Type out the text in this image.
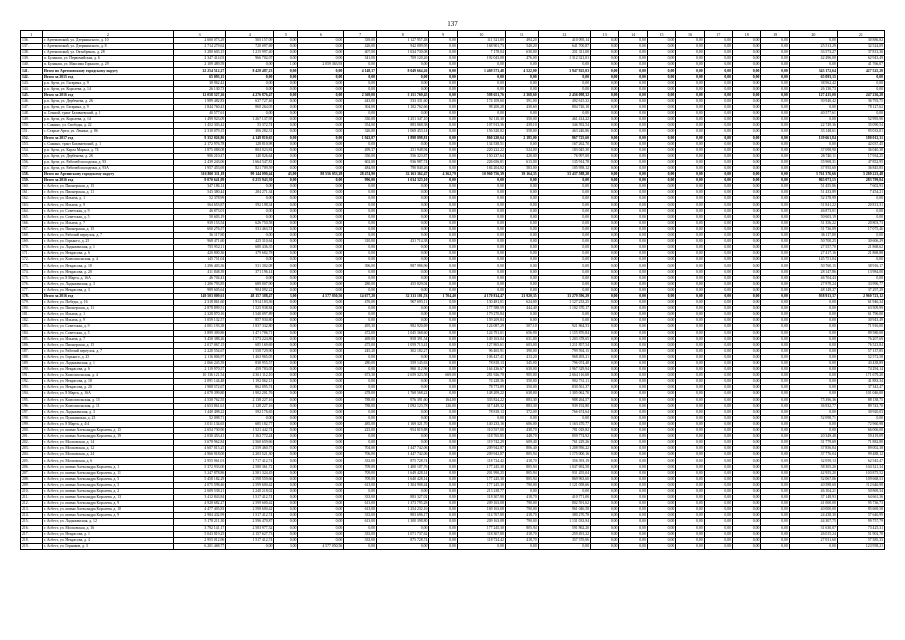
137
1	2	3	4	5	6	7	8	9	10	11	12	13	14	15	16	17	18	19	20	21
136.	г. Артемовский, ул. Дзержинского, д. 10	2 600 073,29	565 157,09	0,00	0,00	339,00	1 127 957,48	0,00	111 521,80	494,20	410 095,14	0,00	0,00	0,00	0,00	0,00	0,00	0,00	0,00	30 886,82
137.	г. Артемовский, ул. Дзержинского, д. 8	2 714 279,62	720 097,69	0,00	0,00	426,00	942 009,95	0,00	168 901,73	540,20	641 700,87	0,00	0,00	0,00	0,00	0,00	0,00	0,00	25 513,29	32 524,09
138.	г. Артемовский, ул. Октябренок, д. 28	3 280 603,15	1 215 997,40	0,00	0,00	407,00	1 634 730,08	0,00	7 178,04	630,00	251 311,00	0,00	0,00	0,00	0,00	0,00	0,00	0,00	33 573,27	37 813,36
139.	п. Буланаш, ул. Первомайская, д. 6	2 347 414,03	966 702,07	0,00	0,00	341,00	709 120,26	0,00	192 043,08	476,00	1 312 321,01	0,00	0,00	0,00	0,00	0,00	0,00	0,00	42 496,00	62 943,49
140.	п. Буланаш, ул. Максима Горького, д. 29	2 109 489,59	0,00	1,00	2 059 363,93	0,00	0,00	0,00	0,00	0,00	0,00	0,00	0,00	0,00	0,00	0,00	0,00	0,00	0,00	41 766,07
141.	Итого по Артемовскому городскому округу	22 254 512,27	8 428 487,23	0,00	0,00	4 148,37	8 049 664,26	0,00	1 469 573,48	4 522,00	3 947 925,03	0,00	0,00	0,00	0,00	0,00	0,00	0,00	343 172,64	427 525,28
142.	Итого за 2015 год	65 093,15	0,00	0,00	0,00	0,00	0,00	0,00	0,00	0,00	0,00	0,00	0,00	0,00	0,00	0,00	0,00	0,00	65 093,15	0,00
143.	р.п. Арти, ул. Гагарина, д. 9	38 962,42	0,00	0,00	0,00	0,00	0,00	0,00	0,00	0,00	0,00	0,00	0,00	0,00	0,00	0,00	0,00	0,00	38 962,42	0,00
144.	р.п. Арти, ул. Королева, д. 14	26 130,73	0,00	0,00	0,00	0,00	0,00	0,00	0,00	0,00	0,00	0,00	0,00	0,00	0,00	0,00	0,00	0,00	26 130,73	0,00
145.	Итого за 2016 год	12 058 527,26	4 276 876,47	0,00	0,00	2 369,00	3 151 769,45	0,00	598 651,76	2 368,60	2 456 098,32	0,00	0,00	0,00	0,00	0,00	0,00	0,00	127 415,00	247 236,28
146.	р.п. Арти, ул. Дербенева, д. 26	1 989 482,83	637 727,46	0,00	0,00	443,00	533 331,60	0,00	174 109,60	391,00	492 615,32	0,00	0,00	0,00	0,00	0,00	0,00	0,00	30 940,42	36 793,75
147.	р.п. Арти, ул. Гагарина, д. 9	1 844 760,43	860 264,05	0,00	0,00	304,00	1 102 762,66	0,00	98 200,28	430,60	804 726,18	0,00	0,00	0,00	0,00	0,00	0,00	0,00	0,00	78 127,62
148.	п. Сенной, тракт Базаваевский, д. 1	40 577,61	0,00	0,00	0,00	0,00	0,00	0,00	0,00	0,00	0,00	0,00	0,00	0,00	0,00	0,00	0,00	0,00	40 577,61	0,00
149.	р.п. Арти, ул. Королева, д. 14	1 499 923,09	1 267 137,95	0,00	0,00	330,00	1 251 347,10	0,00	92 110,30	350,00	461 414,22	0,00	0,00	0,00	0,00	0,00	0,00	0,00	0,00	52 995,90
150.	с. Сажино, ул. Свободы, д. 22	1 452 303,42	53 372,74	0,00	0,00	354,00	883 868,38	0,00	107 913,36	439,10	346 592,54	0,00	0,00	0,00	0,00	0,00	0,00	0,00	22 749,36	35 090,54
151.	с. Старые Арти, ул. Ленина, д. 86	2 310 079,15	306 282,31	0,00	0,00	326,00	1 069 453,14	0,00	156 320,82	358,00	463 246,86	0,00	0,00	0,00	0,00	0,00	0,00	0,00	33 148,61	95 033,01
152.	Итого за 2017 год	9 352 026,86	4 149 810,65	0,00	0,00	1 943,87	1 898 098,81	0,00	860 220,64	2 185,00	867 725,60	0,00	0,00	0,00	0,00	0,00	0,00	0,00	139 661,84	180 012,31
153.	с. Сажино, тракт Базаваевский, д. 1	2 172 976,78	128 810,98	0,00	0,00	0,00	0,00	0,00	134 538,51	0,00	167 262,70	0,00	0,00	0,00	0,00	0,00	0,00	0,00	0,00	42 037,45
154.	р.п. Арти, ул. Карла Маркса, д. 74	1 875 088,08	804 023,84	0,00	0,00	499,37	251 948,94	0,00	220 222,22	524,00	183 045,30	0,00	0,00	0,00	0,00	0,00	0,00	0,00	37 098,90	36 040,38
155.	р.п. Арти, ул. Дербенева, д. 26	906 210,47	140 826,64	0,00	0,00	350,00	556 323,87	0,00	150 237,64	420,00	76 997,00	0,00	0,00	0,00	0,00	0,00	0,00	0,00	26 740,11	17 934,25
156.	р.п. Арти, ул. Рабочей молодежи, д. 93	2 439 243,06	1 664 547,81	0,00	0,00	602,00	936 987,74	0,00	226 656,81	613,00	135 914,78	0,00	0,00	0,00	0,00	0,00	0,00	0,00	35 969,31	47 852,95
157.	р.п. Арти, ул. Рабочей молодежи, д. 93А	1 957 453,69	821 709,59	0,00	0,00	484,00	790 840,26	0,00	184 204,82	583,00	105 958,12	0,00	0,00	0,00	0,00	0,00	0,00	0,00	37 955,60	36 845,85
158.	Итого по Артинскому городскому округу	316 860 311,18	99 144 090,44	43,00	88 556 053,28	28 474,90	32 163 362,47	4 362,79	10 960 756,39	39 164,35	53 437 588,20	0,00	0,00	0,00	0,00	0,00	0,00	0,00	3 761 376,66	5 280 223,48
159.	Итого за 2016 год	9 070 641,09	6 215 943,30	0,00	0,00	996,00	1 634 323,10	0,00	0,00	0,00	0,00	0,00	0,00	0,00	0,00	0,00	0,00	0,00	865 073,15	283 799,84
160.	г. Асбест, ул. Пионерская, д. 15	347 186,14	0,00	0,00	0,00	0,00	0,00	0,00	0,00	0,00	0,00	0,00	0,00	0,00	0,00	0,00	0,00	0,00	51 455,86	7 602,93
161.	г. Асбест, ул. Пионерская, д. 11	543 380,44	284 271,34	0,00	0,00	0,00	0,00	0,00	0,00	0,00	0,00	0,00	0,00	0,00	0,00	0,00	0,00	0,00	51 433,89	7 454,21
162.	г. Асбест, ул. Ильича, д. 1	52 378,99	0,00	0,00	0,00	0,00	0,00	0,00	0,00	0,00	0,00	0,00	0,00	0,00	0,00	0,00	0,00	0,00	52 378,99	0,00
163.	г. Асбест, ул. Ильича, д. 9	564 653,87	592 198,34	0,00	0,00	0,00	0,00	0,00	0,00	0,00	0,00	0,00	0,00	0,00	0,00	0,00	0,00	0,00	51 841,22	20 813,31
164.	г. Асбест, ул. Советская, д. 9	46 873,01	0,00	0,00	0,00	0,00	0,00	0,00	0,00	0,00	0,00	0,00	0,00	0,00	0,00	0,00	0,00	0,00	46 873,01	0,00
165.	г. Асбест, ул. Советская, д. 5	50 603,19	0,00	0,00	0,00	0,00	0,00	0,00	0,00	0,00	0,00	0,00	0,00	0,00	0,00	0,00	0,00	0,00	50 603,19	0,00
166.	г. Асбест, ул. Ильича, д. 7	939 153,54	626 750,58	0,00	0,00	0,00	0,00	0,00	0,00	0,00	0,00	0,00	0,00	0,00	0,00	0,00	0,00	0,00	51 356,22	20 803,73
167.	г. Асбест, ул. Пионерская, д. 15	600 276,57	531 463,74	0,00	0,00	0,00	0,00	0,00	0,00	0,00	0,00	0,00	0,00	0,00	0,00	0,00	0,00	0,00	51 736,09	17 075,46
168.	г. Асбест, ул. Рабочий переулок, д. 7	36 117,80	0,00	0,00	0,00	0,00	0,00	0,00	0,00	0,00	0,00	0,00	0,00	0,00	0,00	0,00	0,00	0,00	36 117,80	0,00
169.	г. Асбест, ул. Горького, д. 25	968 471,60	425 310,64	0,00	0,00	310,00	431 714,38	0,00	0,00	0,00	0,00	0,00	0,00	0,00	0,00	0,00	0,00	0,00	50 700,25	30 606,29
170.	г. Асбест, ул. Ладыженская, д. 1	755 952,11	680 436,35	0,00	0,00	0,00	0,00	0,00	0,00	0,00	0,00	0,00	0,00	0,00	0,00	0,00	0,00	0,00	27 557,70	21 868,62
171.	г. Асбест, ул. Некрасова, д. 6	420 800,36	379 682,78	0,00	0,00	0,00	0,00	0,00	0,00	0,00	0,00	0,00	0,00	0,00	0,00	0,00	0,00	0,00	27 417,16	21 868,88
172.	г. Асбест, ул. Комсомольская, д. 4	145 751,04	0,00	0,00	0,00	0,00	0,00	0,00	0,00	0,00	0,00	0,00	0,00	0,00	0,00	0,00	0,00	0,00	145 751,04	0,00
173.	г. Асбест, ул. Некрасова, д. 18	1 296 403,36	531 302,08	0,00	0,00	396,00	887 986,96	0,00	0,00	0,00	0,00	0,00	0,00	0,00	0,00	0,00	0,00	0,00	50 760,15	38 916,17
174.	г. Асбест, ул. Некрасова, д. 20	411 848,39	371 196,14	0,00	0,00	0,00	0,00	0,00	0,00	0,00	0,00	0,00	0,00	0,00	0,00	0,00	0,00	0,00	28 147,86	13 984,00
175.	г. Асбест, ул. 8 Марта, д. 16А	46 704,43	0,00	0,00	0,00	0,00	0,00	0,00	0,00	0,00	0,00	0,00	0,00	0,00	0,00	0,00	0,00	0,00	46 704,43	0,00
176.	г. Асбест, ул. Ладыженская, д. 3	1 206 793,85	689 007,90	0,00	0,00	280,00	455 829,04	0,00	0,00	0,00	0,00	0,00	0,00	0,00	0,00	0,00	0,00	0,00	27 978,24	33 996,77
177.	г. Асбест, ул. Некрасова, д. 3	989 605,64	904 092,22	0,00	0,00	0,00	0,00	0,00	0,00	0,00	0,00	0,00	0,00	0,00	0,00	0,00	0,00	0,00	48 149,37	37 297,29
178.	Итого за 2016 год	149 503 809,61	48 157 388,47	3,00	4 577 050,56	14 677,20	32 313 101,53	1 704,40	4 170 814,47	21 920,35	33 279 596,29	0,00	0,00	0,00	0,00	0,00	0,00	0,00	958 913,37	2 960 723,12
179.	г. Асбест, ул. Победы, д. 16	2 318 861,60	1 914 183,36	0,00	0,00	476,00	967 695,11	0,00	130 481,01	624,00	1 127 233,25	0,00	0,00	0,00	0,00	0,00	0,00	0,00	0,00	61 946,34
180.	г. Асбест, ул. Пионерская, д. 11	2 878 899,51	1 525 938,84	0,00	0,00	0,00	0,00	0,00	177 588,59	444,40	1 102 370,17	0,00	0,00	0,00	0,00	0,00	0,00	0,00	0,00	63 509,99
181.	г. Асбест, ул. Ильича, д. 1	2 328 870,16	1 540 097,89	0,00	0,00	0,00	0,00	0,00	179 270,84	0,00	0,00	0,00	0,00	0,00	0,00	0,00	0,00	0,00	0,00	61 796,00
182.	г. Асбест, ул. Ильича, д. 9	1 059 132,57	857 930,80	0,00	0,00	0,00	0,00	0,00	159 209,84	0,00	0,00	0,00	0,00	0,00	0,00	0,00	0,00	0,00	0,00	30 943,49
183.	г. Асбест, ул. Советская, д. 9	4 001 193,38	1 837 332,80	0,00	0,00	495,30	982 920,69	0,00	124 087,29	507,10	921 864,53	0,00	0,00	0,00	0,00	0,00	0,00	0,00	0,00	71 916,00
184.	г. Асбест, ул. Советская, д. 5	3 899 309,86	1 471 786,71	0,00	0,00	472,00	1 045 368,60	0,00	124 791,01	656,90	1 155 870,84	0,00	0,00	0,00	0,00	0,00	0,00	0,00	0,00	89 580,00
185.	г. Асбест, ул. Ильича, д. 7	3 458 388,26	1 573 224,86	0,00	0,00	469,00	858 391,54	0,00	149 163,04	631,00	1 203 378,65	0,00	0,00	0,00	0,00	0,00	0,00	0,00	0,00	76 207,69
186.	г. Асбест, ул. Пионерская, д. 15	2 017 067,15	685 169,69	0,00	0,00	475,00	1 059 713,41	0,00	127 865,61	603,00	1 211 857,54	0,00	0,00	0,00	0,00	0,00	0,00	0,00	0,00	76 523,84
187.	г. Асбест, ул. Рабочий переулок, д. 7	2 220 554,67	1 558 729,90	0,00	0,00	245,20	302 182,27	0,00	96 465,91	390,00	799 594,15	0,00	0,00	0,00	0,00	0,00	0,00	0,00	0,00	57 137,85
188.	г. Асбест, ул. Горького, д. 25	2 116 806,97	1 463 965,05	0,00	0,00	0,00	0,00	0,00	106 427,41	413,20	968 493,21	0,00	0,00	0,00	0,00	0,00	0,00	0,00	0,00	52 572,58
189.	г. Асбест, ул. Ладыженская, д. 1	2 066 245,39	838 955,57	0,00	0,00	280,00	559 145,63	0,00	78 818,13	345,00	796 074,48	0,00	0,00	0,00	0,00	0,00	0,00	0,00	0,00	43 438,89
190.	г. Асбест, ул. Некрасова, д. 6	2 119 970,57	459 783,05	0,00	0,00	0,00	860 112,96	0,00	164 436,67	630,00	1 967 329,94	0,00	0,00	0,00	0,00	0,00	0,00	0,00	0,00	74 294,14
191.	г. Асбест, ул. Комсомольская, д. 4	10 136 121,54	4 361 112,10	0,00	0,00	673,30	2 659 323,58	669,00	281 926,78	905,00	2 664 116,68	0,00	0,00	0,00	0,00	0,00	0,00	0,00	0,00	171 679,20
192.	г. Асбест, ул. Некрасова, д. 18	2 091 144,48	1 192 062,13	0,00	0,00	0,00	0,00	0,00	74 228,36	350,00	902 731,11	0,00	0,00	0,00	0,00	0,00	0,00	0,00	0,00	41 883,34
193.	г. Асбест, ул. Некрасова, д. 20	1 988 572,67	862 095,74	0,00	0,00	0,00	0,00	0,00	78 773,89	350,00	830 561,37	0,00	0,00	0,00	0,00	0,00	0,00	0,00	0,00	37 343,47
194.	г. Асбест, ул. 8 Марта, д. 16А	4 078 399,80	1 902 201,76	0,00	0,00	478,00	1 768 568,22	0,00	148 209,22	638,00	1 305 062,70	0,00	0,00	0,00	0,00	0,00	0,00	0,00	0,00	101 046,00
195.	г. Асбест, ул. Комсомольская, д. 15	4 530 762,55	2 138 227,16	0,00	0,00	788,00	976 391,60	164,00	333 824,22	883,30	988 264,57	0,00	0,00	0,00	0,00	0,00	0,00	0,00	75 396,36	88 138,75
196.	г. Асбест, ул. Комсомольская, д. 11	4 653 861,61	2 128 227,16	0,00	0,00	788,00	1 092 123,78	126,00	317 449,32	883,30	939 192,80	0,00	0,00	0,00	0,00	0,00	0,00	0,00	36 932,77	89 743,70
197.	г. Асбест, ул. Ладыженская, д. 3	1 440 498,22	592 176,65	0,00	0,00	0,00	0,00	0,00	78 818,13	372,00	766 674,64	0,00	0,00	0,00	0,00	0,00	0,00	0,00	0,00	30 920,03
198.	г. Асбест, ул. Пушкинская, д. 23	52 098,71	0,00	0,00	0,00	0,00	0,00	0,00	0,00	0,00	0,00	0,00	0,00	0,00	0,00	0,00	0,00	0,00	52 098,71	0,00
199.	г. Асбест, ул. 8 Марта, д. 4/4	3 011 134,65	685 182,77	0,00	0,00	485,00	1 169 321,70	0,00	140 233,16	606,00	1 163 470,77	0,00	0,00	0,00	0,00	0,00	0,00	0,00	0,00	72 960,98
200.	г. Асбест, ул. имени Александра Королева, д. 15	2 654 730,90	1 521 442,74	0,00	0,00	223,00	954 819,88	0,00	110 557,00	438,70	781 018,82	0,00	0,00	0,00	0,00	0,00	0,00	0,00	0,00	66 006,00
201.	г. Асбест, ул. имени Александра Королева, д. 19	2 030 453,41	1 163 772,44	0,00	0,00	0,00	0,00	0,00	118 765,85	448,70	859 774,92	0,00	0,00	0,00	0,00	0,00	0,00	0,00	20 349,48	59 419,09
202.	г. Асбест, ул. Московская, д. 14	3 678 962,84	2 560 659,66	0,00	0,00	0,00	0,00	0,00	119 742,29	609,40	761 229,26	0,00	0,00	0,00	0,00	0,00	0,00	0,00	31 779,69	71 882,80
203.	г. Асбест, ул. Московская, д. 12	4 607 015,25	2 559 460,75	0,00	0,00	704,00	1 447 742,06	0,00	209 942,87	806,40	1 208 956,22	0,00	0,00	0,00	0,00	0,00	0,00	0,00	37 856,84	89 002,38
204.	г. Асбест, ул. Московская, д. 24	4 966 918,00	2 203 521,30	0,00	0,00	706,00	1 447 742,06	0,00	209 942,87	805,94	1 175 000,16	0,00	0,00	0,00	0,00	0,00	0,00	0,00	37 776,04	99 488,12
205.	г. Асбест, ул. Московская, д. 6	2 955 961,01	1 717 412,74	0,00	0,00	333,00	875 728,74	0,00	118 724,42	418,70	356 393,19	0,00	0,00	0,00	0,00	0,00	0,00	0,00	32 059,13	62 545,47
206.	г. Асбест, ул. имени Александра Королева, д. 1	5 372 933,00	2 580 361,72	0,00	0,00	709,00	1 400 107,76	0,00	177 245,30	805,94	1 047 692,58	0,00	0,00	0,00	0,00	0,00	0,00	0,00	58 305,20	104 321,34
207.	г. Асбест, ул. имени Александра Королева, д. 11	5 247 878,86	2 581 324,45	0,00	0,00	709,00	1 649 428,14	0,00	201 990,25	805,94	931 455,04	0,00	0,00	0,00	0,00	0,00	0,00	0,00	42 955,20	103 875,52
208.	г. Асбест, ул. имени Александра Королева, д. 5	5 458 182,29	2 598 559,66	0,00	0,00	709,00	1 640 428,14	0,00	177 245,30	805,94	869 963,60	0,00	0,00	0,00	0,00	0,00	0,00	0,00	52 067,06	109 668,53
209.	г. Асбест, ул. имени Александра Королева, д. 3	4 075 598,46	2 599 600,42	0,00	0,00	613,00	1 304 908,44	0,00	177 245,30	790,00	1 121 058,66	0,00	0,00	0,00	0,00	0,00	0,00	0,00	40 588,60	112 646,98
210.	г. Асбест, ул. имени Александра Королева, д. 2	2 609 538,21	2 240 218,02	0,00	0,00	0,00	0,00	0,00	213 238,77	0,00	0,00	0,00	0,00	0,00	0,00	0,00	0,00	0,00	46 104,21	50 869,34
211.	г. Асбест, ул. имени Александра Королева, д. 13	3 412 843,84	1 517 412,74	0,00	0,00	333,00	883 327,02	0,00	118 307,80	418,70	410 771,00	0,00	0,00	0,00	0,00	0,00	0,00	0,00	37 148,93	64 661,36
212.	г. Асбест, ул. имени Александра Королева, д. 9	4 928 682,27	2 599 600,42	0,00	0,00	613,00	1 373 795,28	0,00	209 163,08	790,00	802 591,62	0,00	0,00	0,00	0,00	0,00	0,00	0,00	41 000,00	95 736,73
213.	г. Асбест, ул. имени Александра Королева, д. 10	4 477 405,83	2 598 600,42	0,00	0,00	613,00	1 254 232,16	0,00	169 163,08	790,00	961 046,58	0,00	0,00	0,00	0,00	0,00	0,00	0,00	40 000,00	85 669,58
214.	г. Асбест, ул. имени Александра Королева, д. 9	2 984 432,99	1 517 412,74	0,00	0,00	333,00	883 696,17	0,00	114 767,80	418,70	380 270,78	0,00	0,00	0,00	0,00	0,00	0,00	0,00	24 438,30	57 646,99
215.	г. Асбест, ул. Ладыженская, д. 12	5 178 211,30	2 596 470,87	0,00	0,00	613,00	1 300 398,80	0,00	209 163,08	790,00	1 131 033,94	0,00	0,00	0,00	0,00	0,00	0,00	0,00	44 307,75	99 757,79
216.	г. Асбест, ул. Московская, д. 16	3 792 141,17	2 583 977,32	0,00	0,00	0,00	0,00	0,00	177 245,30	805,94	591 862,20	0,00	0,00	0,00	0,00	0,00	0,00	0,00	31 630,07	73 425,31
217.	г. Асбест, ул. Некрасова, д. 1	5 043 819,25	2 157 627,73	0,00	0,00	333,00	1 071 737,62	0,00	118 307,80	418,70	259 491,22	0,00	0,00	0,00	0,00	0,00	0,00	0,00	26 015,24	51 902,70
218.	г. Асбест, ул. Некрасова, д. 4	2 955 012,96	1 517 412,74	0,00	0,00	333,00	875 728,74	0,00	118 724,42	418,70	357 370,06	0,00	0,00	0,00	0,00	0,00	0,00	0,00	27 031,60	57 585,33
219.	г. Асбест, ул. Горняков, д. 3	6 201 468,77	0,00	3,00	4 577 050,56	0,00	0,00	0,00	0,00	0,00	0,00	0,00	0,00	0,00	0,00	0,00	0,00	0,00	0,00	123 958,21
